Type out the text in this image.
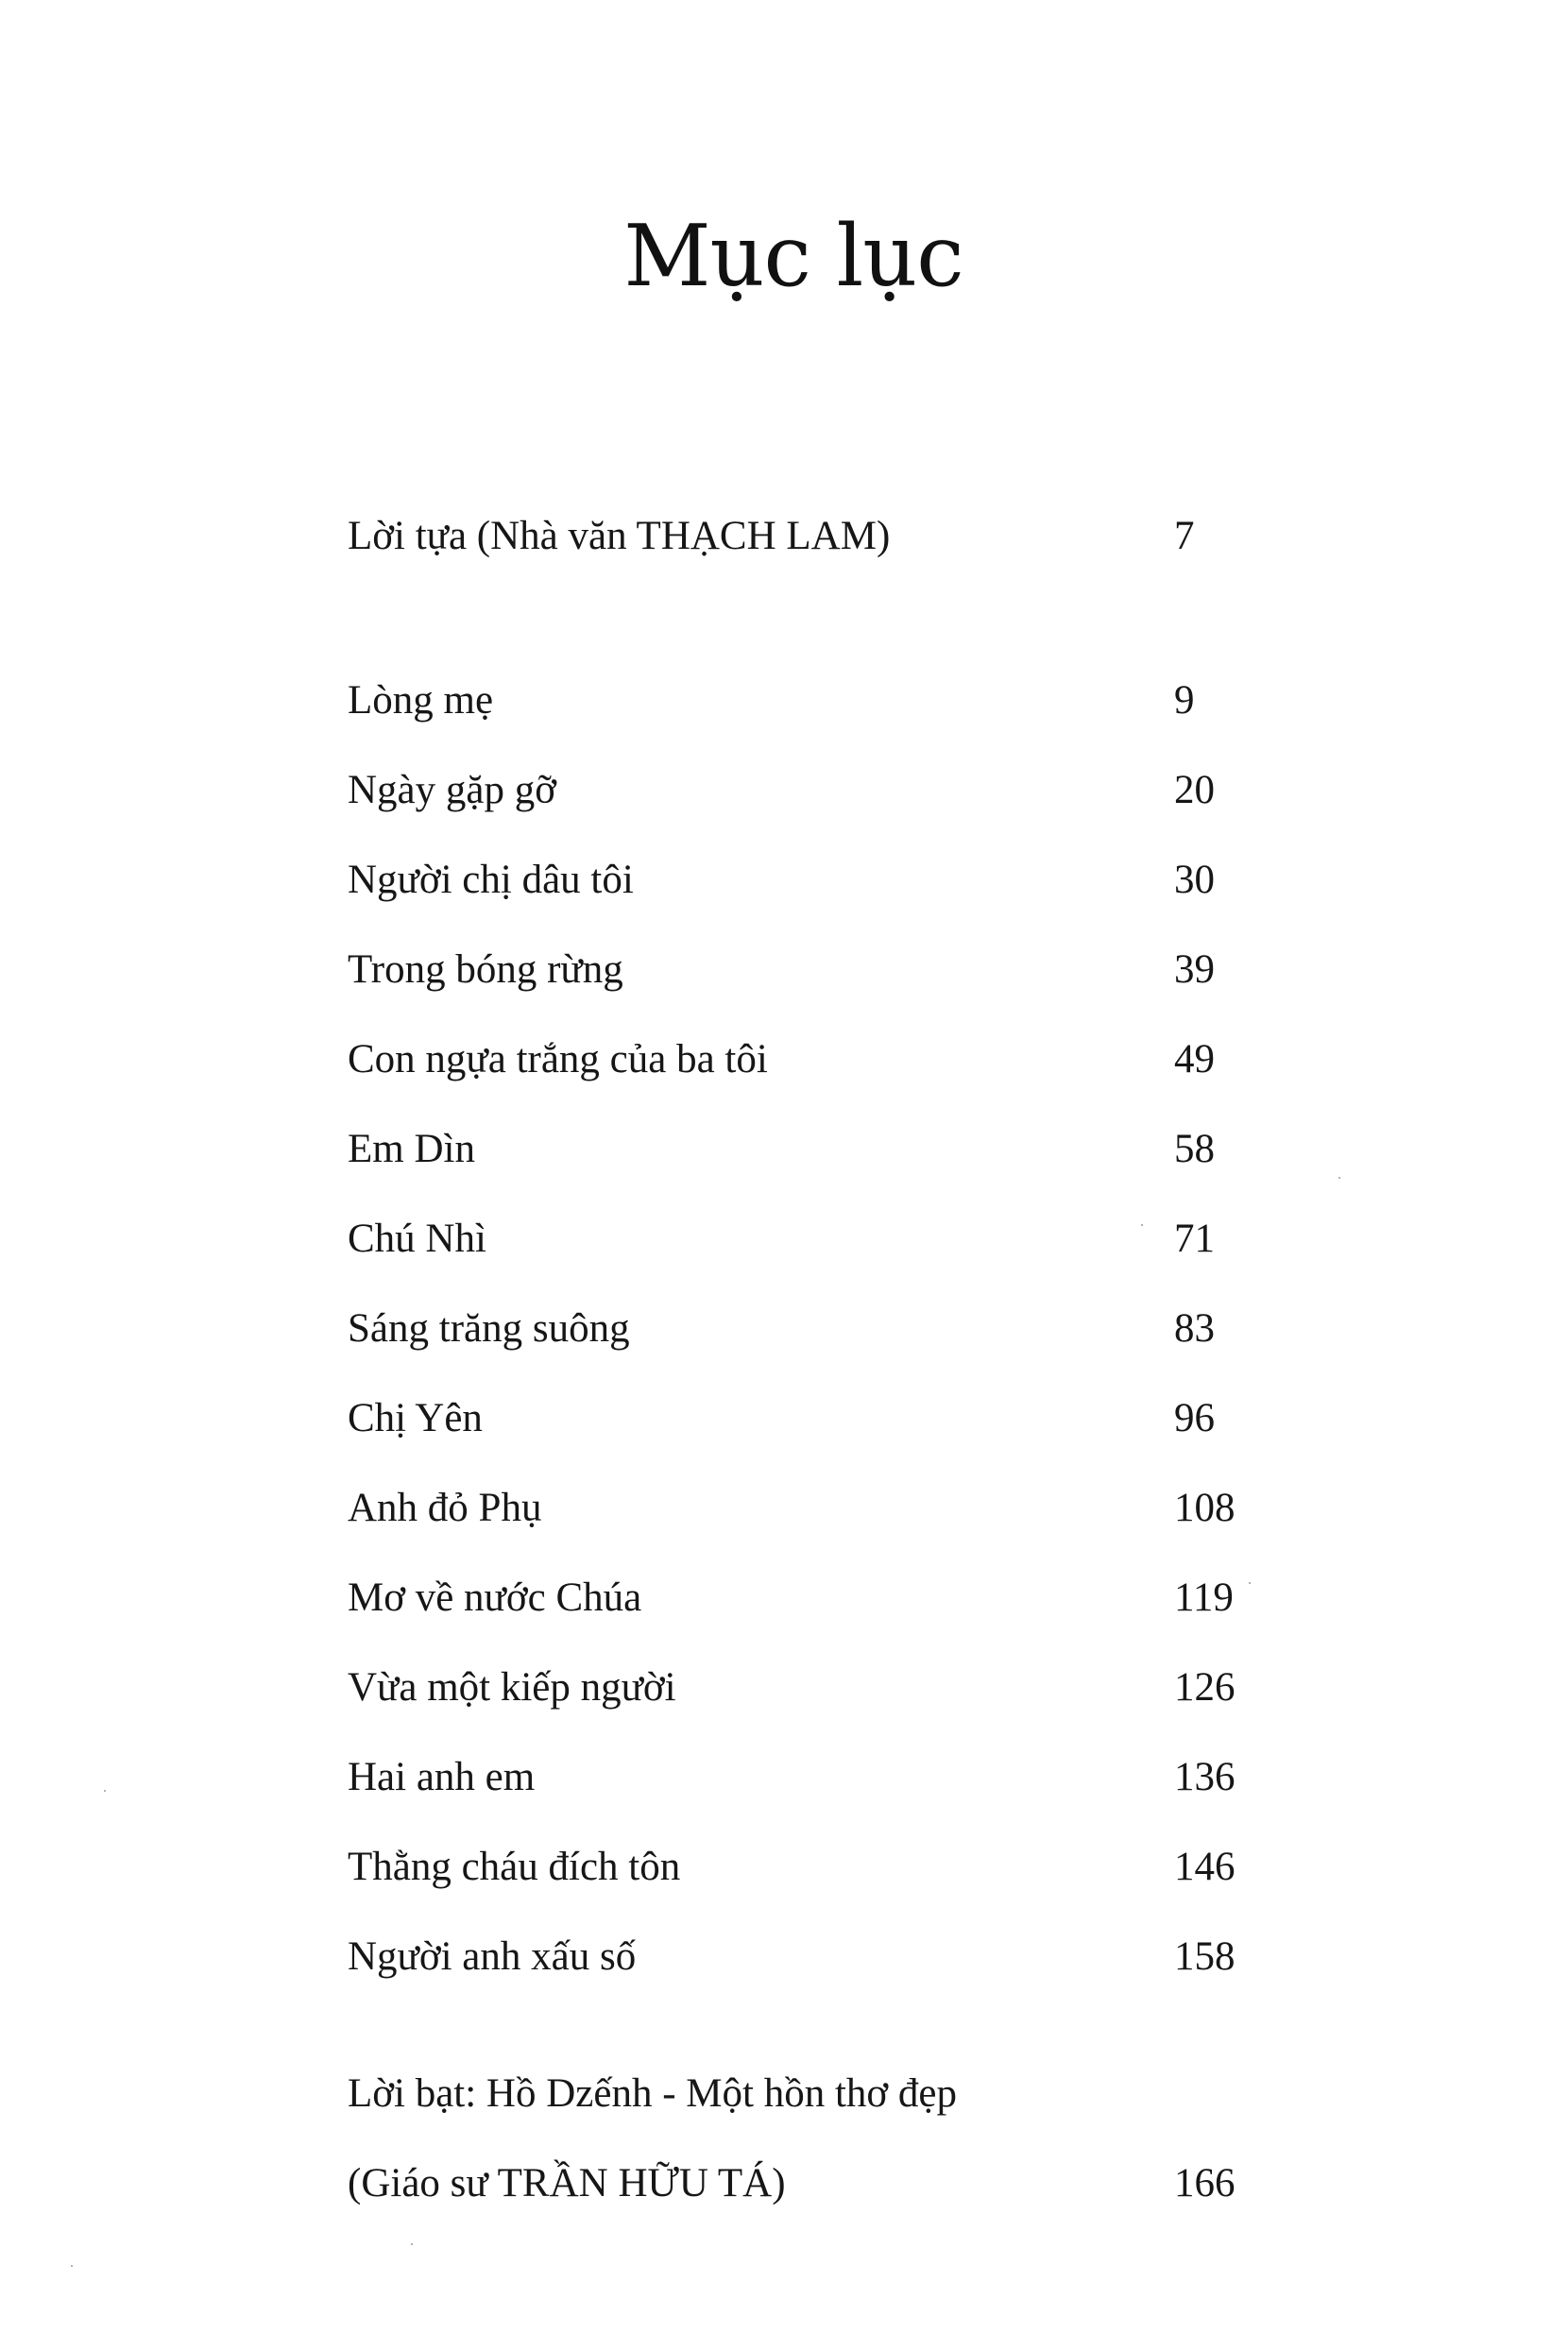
Mục lục
Lời tựa (Nhà văn THẠCH LAM)	7
Lòng mẹ	9
Ngày gặp gỡ	20
Người chị dâu tôi	30
Trong bóng rừng	39
Con ngựa trắng của ba tôi	49
Em Dìn	58
Chú Nhì	71
Sáng trăng suông	83
Chị Yên	96
Anh đỏ Phụ	108
Mơ về nước Chúa	119
Vừa một kiếp người	126
Hai anh em	136
Thằng cháu đích tôn	146
Người anh xấu số	158
Lời bạt: Hồ Dzếnh - Một hồn thơ đẹp
(Giáo sư TRẦN HỮU TÁ)	166
